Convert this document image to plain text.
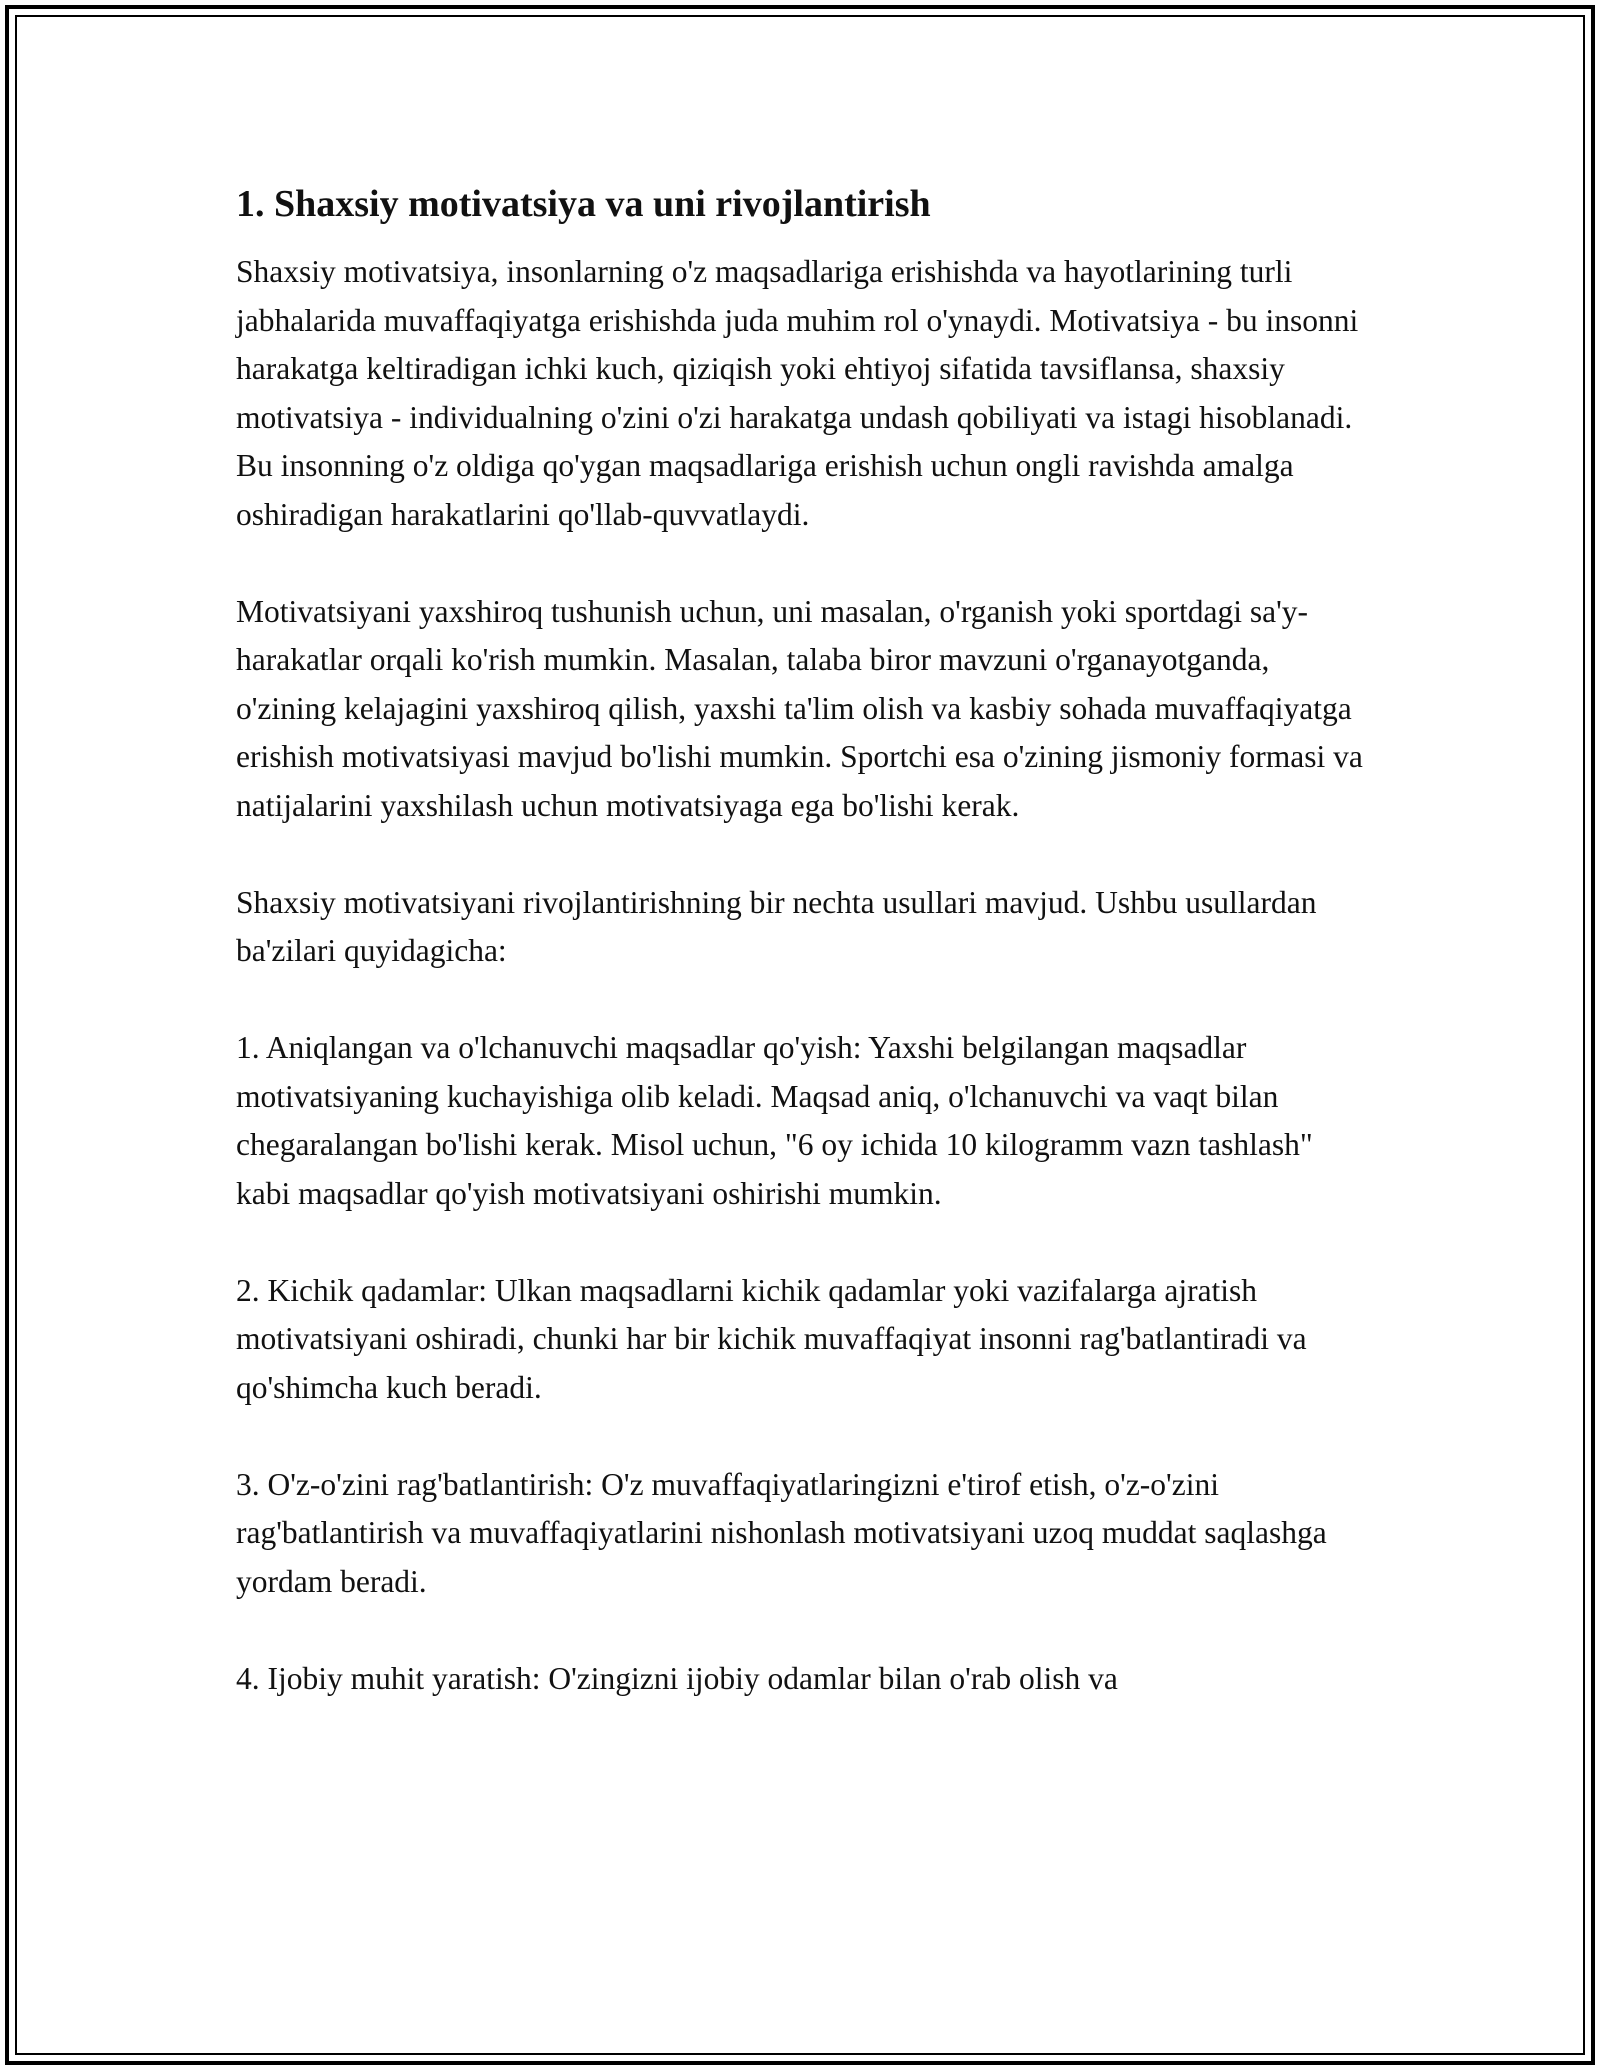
1. Shaxsiy motivatsiya va uni rivojlantirish

Shaxsiy motivatsiya, insonlarning o'z maqsadlariga erishishda va hayotlarining turli jabhalarida muvaffaqiyatga erishishda juda muhim rol o'ynaydi. Motivatsiya - bu insonni harakatga keltiradigan ichki kuch, qiziqish yoki ehtiyoj sifatida tavsiflansa, shaxsiy motivatsiya - individualning o'zini o'zi harakatga undash qobiliyati va istagi hisoblanadi. Bu insonning o'z oldiga qo'ygan maqsadlariga erishish uchun ongli ravishda amalga oshiradigan harakatlarini qo'llab-quvvatlaydi.

Motivatsiyani yaxshiroq tushunish uchun, uni masalan, o'rganish yoki sportdagi sa'y-harakatlar orqali ko'rish mumkin. Masalan, talaba biror mavzuni o'rganayotganda, o'zining kelajagini yaxshiroq qilish, yaxshi ta'lim olish va kasbiy sohada muvaffaqiyatga erishish motivatsiyasi mavjud bo'lishi mumkin. Sportchi esa o'zining jismoniy formasi va natijalarini yaxshilash uchun motivatsiyaga ega bo'lishi kerak.

Shaxsiy motivatsiyani rivojlantirishning bir nechta usullari mavjud. Ushbu usullardan ba'zilari quyidagicha:

1. Aniqlangan va o'lchanuvchi maqsadlar qo'yish: Yaxshi belgilangan maqsadlar motivatsiyaning kuchayishiga olib keladi. Maqsad aniq, o'lchanuvchi va vaqt bilan chegaralangan bo'lishi kerak. Misol uchun, "6 oy ichida 10 kilogramm vazn tashlash" kabi maqsadlar qo'yish motivatsiyani oshirishi mumkin.

2. Kichik qadamlar: Ulkan maqsadlarni kichik qadamlar yoki vazifalarga ajratish motivatsiyani oshiradi, chunki har bir kichik muvaffaqiyat insonni rag'batlantiradi va qo'shimcha kuch beradi.

3. O'z-o'zini rag'batlantirish: O'z muvaffaqiyatlaringizni e'tirof etish, o'z-o'zini rag'batlantirish va muvaffaqiyatlarini nishonlash motivatsiyani uzoq muddat saqlashga yordam beradi.

4. Ijobiy muhit yaratish: O'zingizni ijobiy odamlar bilan o'rab olish va
